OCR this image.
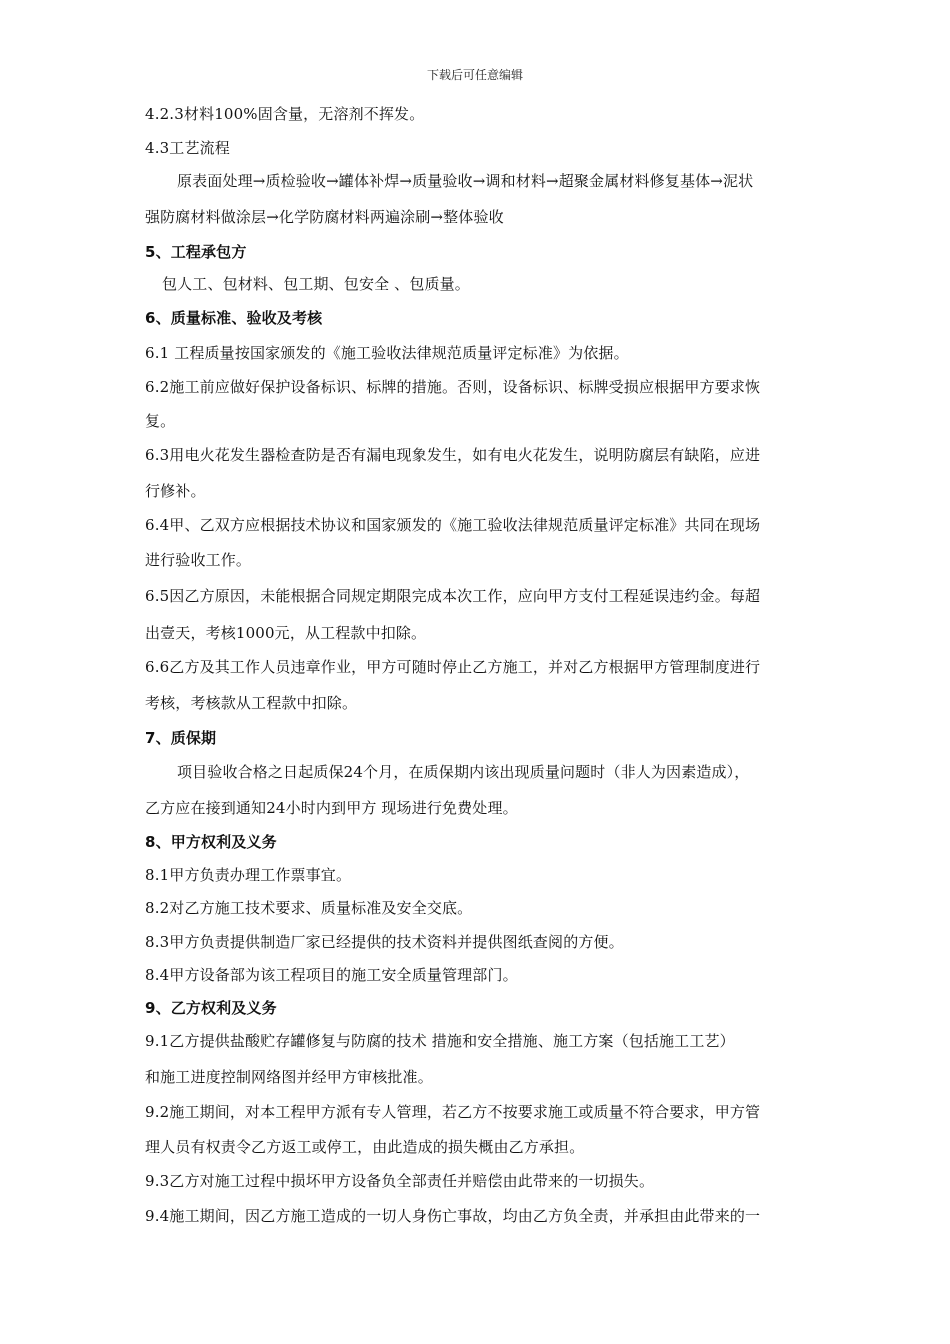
下载后可任意编辑
4.2.3材料100%固含量，无溶剂不挥发。
4.3工艺流程
原表面处理→质检验收→罐体补焊→质量验收→调和材料→超聚金属材料修复基体→泥状
强防腐材料做涂层→化学防腐材料两遍涂刷→整体验收
5、工程承包方
包人工、包材料、包工期、包安全 、包质量。
6、质量标准、验收及考核
6.1 工程质量按国家颁发的《施工验收法律规范质量评定标准》为依据。
6.2施工前应做好保护设备标识、标牌的措施。否则，设备标识、标牌受损应根据甲方要求恢
复。
6.3用电火花发生器检查防是否有漏电现象发生，如有电火花发生，说明防腐层有缺陷，应进
行修补。
6.4甲、乙双方应根据技术协议和国家颁发的《施工验收法律规范质量评定标准》共同在现场
进行验收工作。
6.5因乙方原因，未能根据合同规定期限完成本次工作，应向甲方支付工程延误违约金。每超
出壹天，考核1000元，从工程款中扣除。
6.6乙方及其工作人员违章作业，甲方可随时停止乙方施工，并对乙方根据甲方管理制度进行
考核，考核款从工程款中扣除。
7、质保期
项目验收合格之日起质保24个月，在质保期内该出现质量问题时（非人为因素造成），
乙方应在接到通知24小时内到甲方 现场进行免费处理。
8、甲方权利及义务
8.1甲方负责办理工作票事宜。
8.2对乙方施工技术要求、质量标准及安全交底。
8.3甲方负责提供制造厂家已经提供的技术资料并提供图纸查阅的方便。
8.4甲方设备部为该工程项目的施工安全质量管理部门。
9、乙方权利及义务
9.1乙方提供盐酸贮存罐修复与防腐的技术 措施和安全措施、施工方案（包括施工工艺）
和施工进度控制网络图并经甲方审核批准。
9.2施工期间，对本工程甲方派有专人管理，若乙方不按要求施工或质量不符合要求，甲方管
理人员有权责令乙方返工或停工，由此造成的损失概由乙方承担。
9.3乙方对施工过程中损坏甲方设备负全部责任并赔偿由此带来的一切损失。
9.4施工期间，因乙方施工造成的一切人身伤亡事故，均由乙方负全责，并承担由此带来的一
